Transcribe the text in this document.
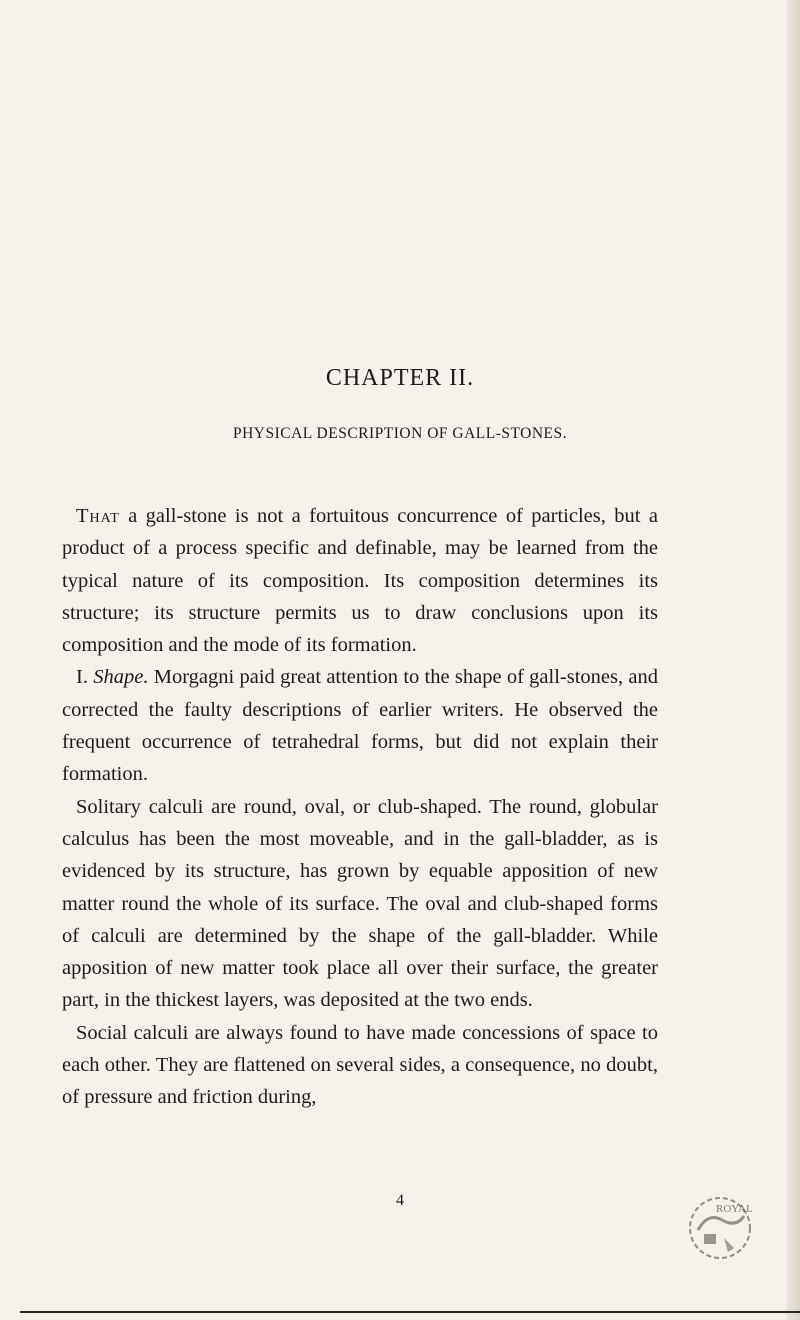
CHAPTER II.
PHYSICAL DESCRIPTION OF GALL-STONES.

That a gall-stone is not a fortuitous concurrence of particles, but a product of a process specific and definable, may be learned from the typical nature of its composition. Its composition determines its structure; its structure permits us to draw conclusions upon its composition and the mode of its formation.

I. Shape. Morgagni paid great attention to the shape of gall-stones, and corrected the faulty descriptions of earlier writers. He observed the frequent occurrence of tetrahedral forms, but did not explain their formation.

Solitary calculi are round, oval, or club-shaped. The round, globular calculus has been the most moveable, and in the gall-bladder, as is evidenced by its structure, has grown by equable apposition of new matter round the whole of its surface. The oval and club-shaped forms of calculi are determined by the shape of the gall-bladder. While apposition of new matter took place all over their surface, the greater part, in the thickest layers, was deposited at the two ends.

Social calculi are always found to have made concessions of space to each other. They are flattened on several sides, a consequence, no doubt, of pressure and friction during,

4	ROYAL
